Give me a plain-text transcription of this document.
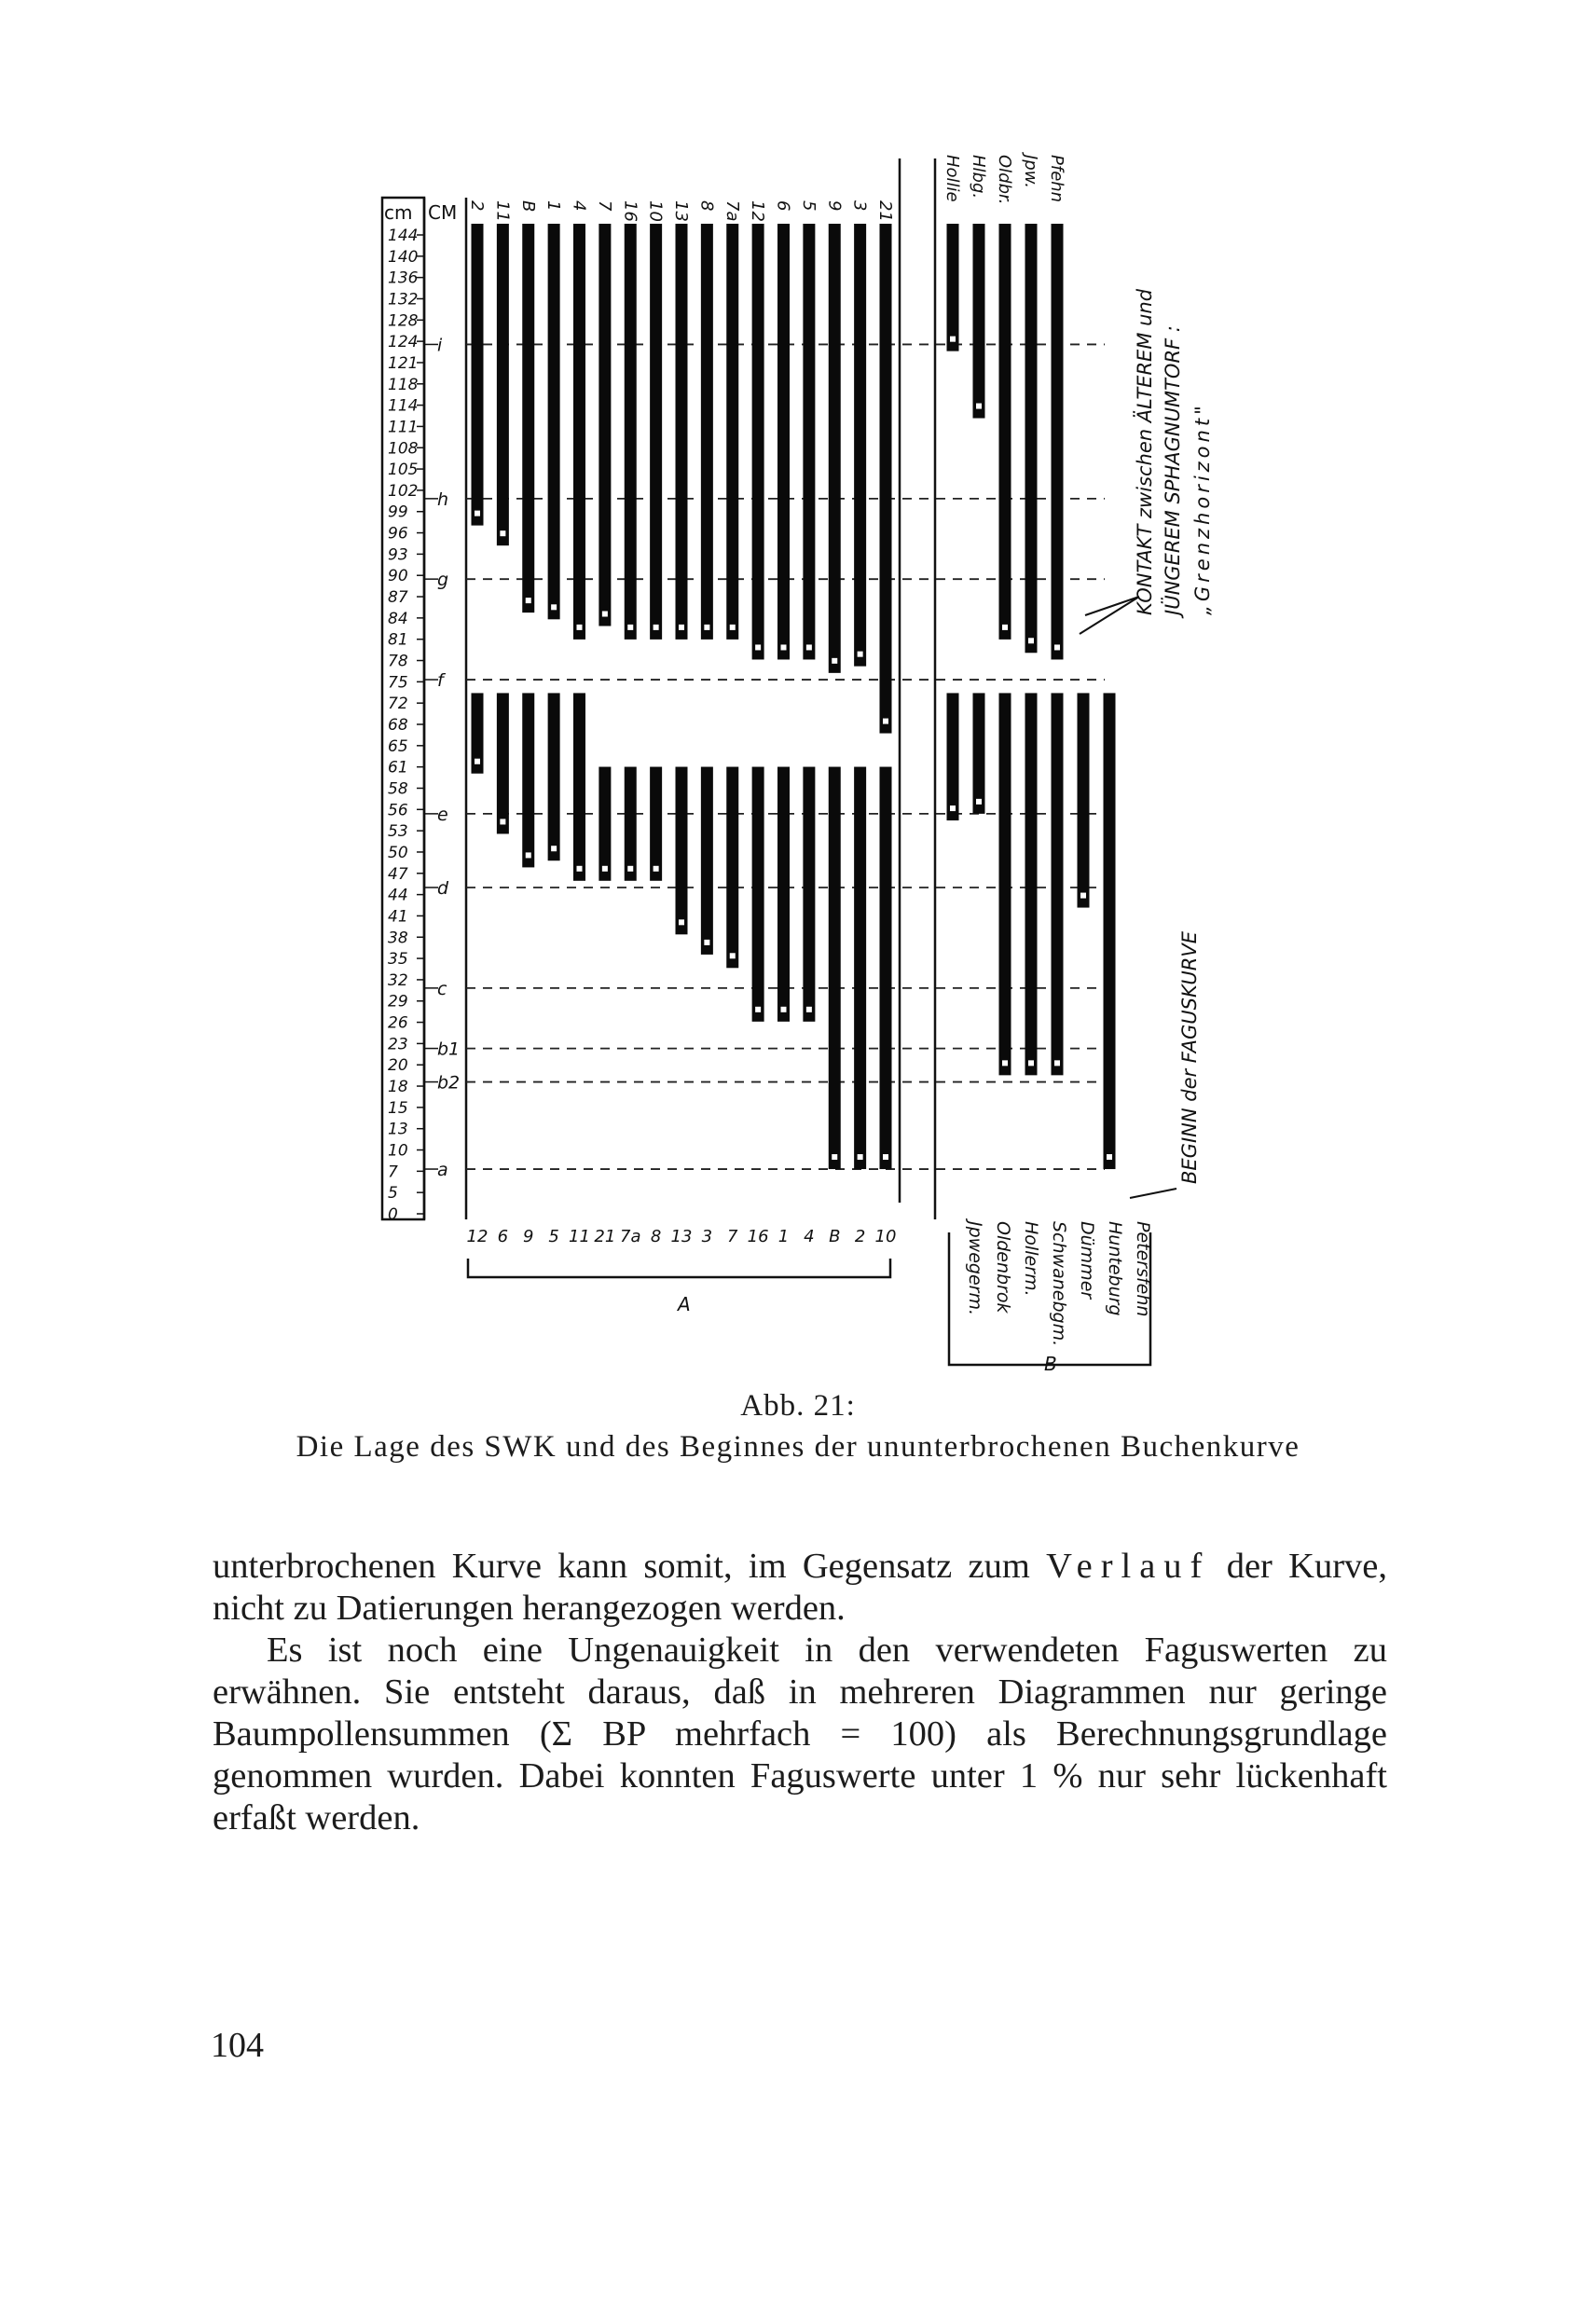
cm CM
144
140
136
132
128
124
121
118
114
111
108
105
102
99
96
93
90
87
84
81
78
75
72
68
65
61
58
56
53
50
47
44
41
38
35
32
29
26
23
20
18
15
13
10
7
5
0
i
h
g
f
e
d
c
b1
b2
a
2 11 B 1 4 7 16 10 13 8 7a 12 6 5 9 3 21
Hollie Hlbg. Oldbr. Jpw. Pfehn
12 6 9 5 11 21 7a 8 13 3 7 16 1 4 B 2 10
A	Jpwegerm. Oldenbrok Hollerm. Schwanebgm. Dümmer Hunteburg Petersfehn
B
KONTAKT zwischen ÄLTEREM und JÜNGEREM SPHAGNUMTORF : „Grenzhorizont"
BEGINN der FAGUSKURVE
Abb. 21:
Die Lage des SWK und des Beginnes der ununterbrochenen Buchenkurve

unterbrochenen Kurve kann somit, im Gegensatz zum Verlauf der Kurve, nicht zu Datierungen herangezogen werden.

Es ist noch eine Ungenauigkeit in den verwendeten Faguswerten zu erwähnen. Sie entsteht daraus, daß in mehreren Diagrammen nur geringe Baumpollensummen (Σ BP mehrfach = 100) als Berechnungsgrundlage genommen wurden. Dabei konnten Faguswerte unter 1 % nur sehr lückenhaft erfaßt werden.

104
